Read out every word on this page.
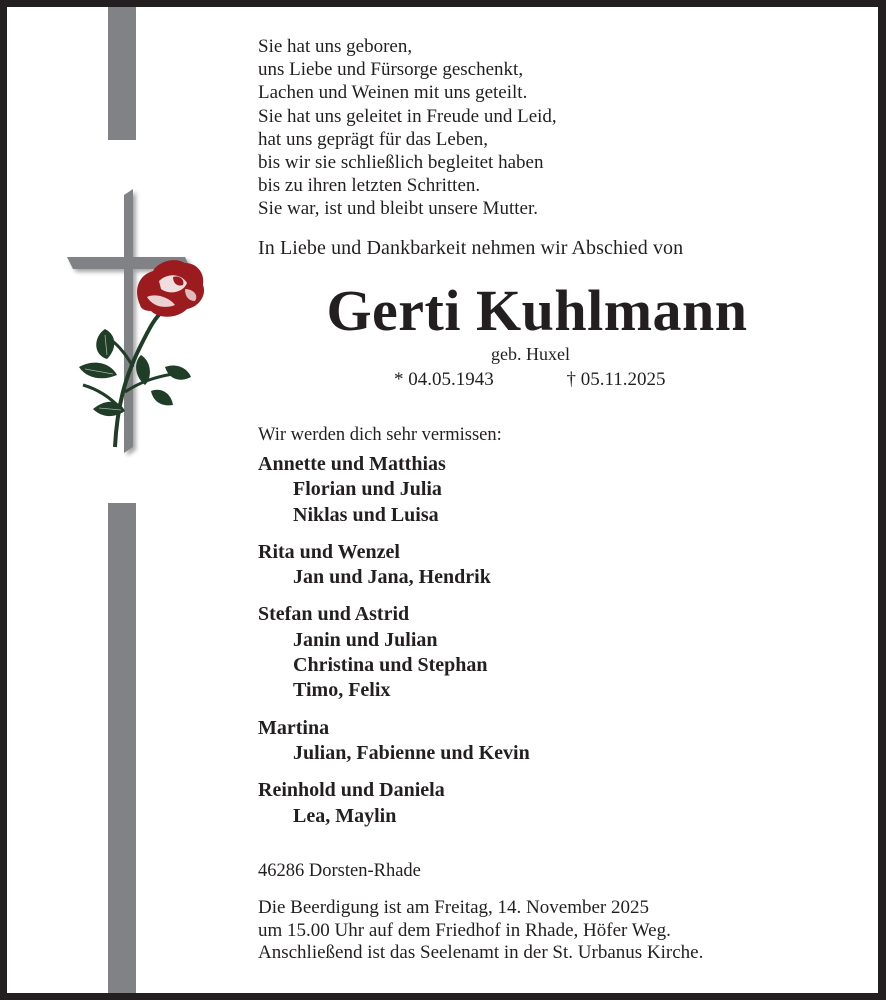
Sie hat uns geboren,
uns Liebe und Fürsorge geschenkt,
Lachen und Weinen mit uns geteilt.
Sie hat uns geleitet in Freude und Leid,
hat uns geprägt für das Leben,
bis wir sie schließlich begleitet haben
bis zu ihren letzten Schritten.
Sie war, ist und bleibt unsere Mutter.
In Liebe und Dankbarkeit nehmen wir Abschied von
Gerti Kuhlmann
geb. Huxel
* 04.05.1943	† 05.11.2025
Wir werden dich sehr vermissen:
Annette und Matthias
Florian und Julia
Niklas und Luisa
Rita und Wenzel
Jan und Jana, Hendrik
Stefan und Astrid
Janin und Julian
Christina und Stephan
Timo, Felix
Martina
Julian, Fabienne und Kevin
Reinhold und Daniela
Lea, Maylin
46286 Dorsten-Rhade
Die Beerdigung ist am Freitag, 14. November 2025
um 15.00 Uhr auf dem Friedhof in Rhade, Höfer Weg.
Anschließend ist das Seelenamt in der St. Urbanus Kirche.
